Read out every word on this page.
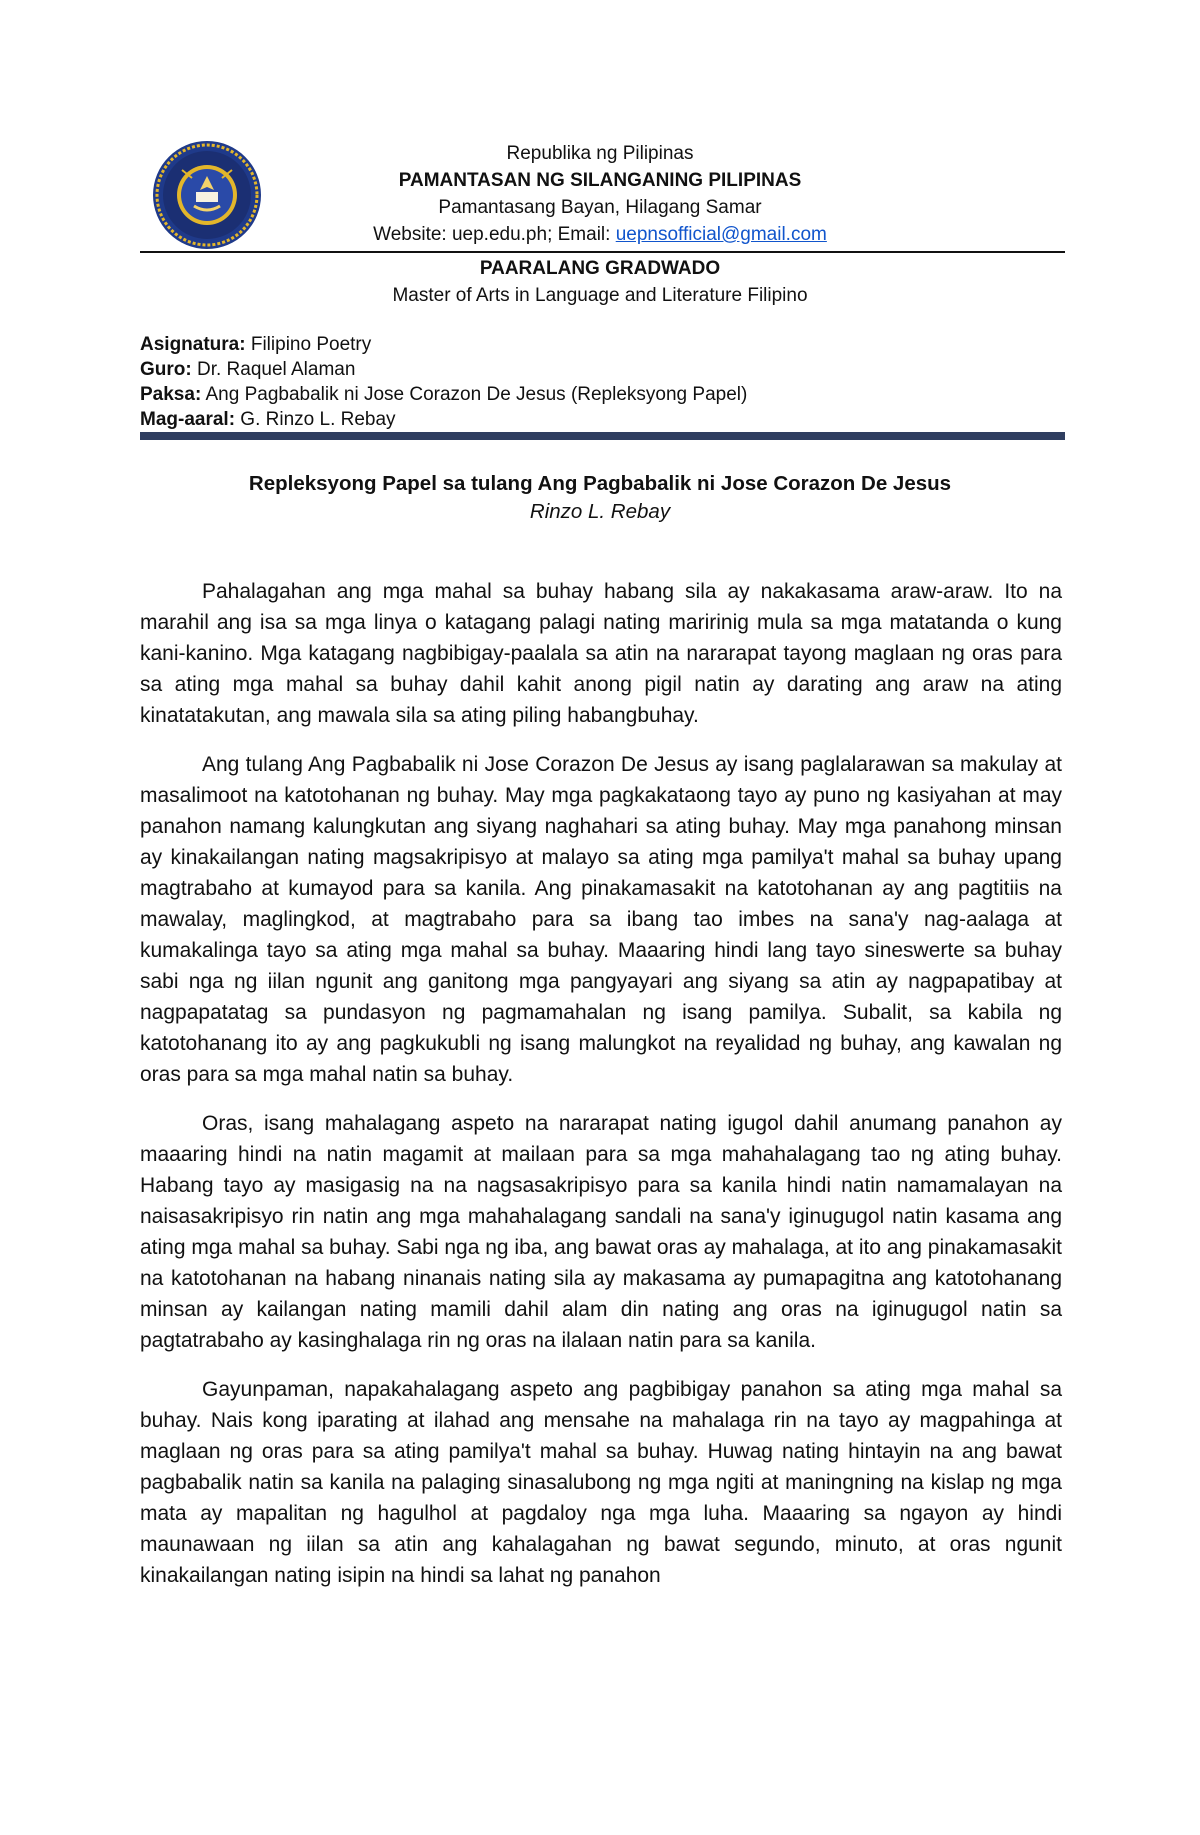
Republika ng Pilipinas

PAMANTASAN NG SILANGANING PILIPINAS

Pamantasang Bayan, Hilagang Samar

Website: uep.edu.ph; Email: uepnsofficial@gmail.com

PAARALANG GRADWADO

Master of Arts in Language and Literature Filipino

Asignatura: Filipino Poetry

Guro: Dr. Raquel Alaman

Paksa: Ang Pagbabalik ni Jose Corazon De Jesus (Repleksyong Papel)

Mag-aaral: G. Rinzo L. Rebay

Repleksyong Papel sa tulang Ang Pagbabalik ni Jose Corazon De Jesus

Rinzo L. Rebay

Pahalagahan ang mga mahal sa buhay habang sila ay nakakasama araw-araw. Ito na marahil ang isa sa mga linya o katagang palagi nating maririnig mula sa mga matatanda o kung kani-kanino. Mga katagang nagbibigay-paalala sa atin na nararapat tayong maglaan ng oras para sa ating mga mahal sa buhay dahil kahit anong pigil natin ay darating ang araw na ating kinatatakutan, ang mawala sila sa ating piling habangbuhay.

Ang tulang Ang Pagbabalik ni Jose Corazon De Jesus ay isang paglalarawan sa makulay at masalimoot na katotohanan ng buhay. May mga pagkakataong tayo ay puno ng kasiyahan at may panahon namang kalungkutan ang siyang naghahari sa ating buhay. May mga panahong minsan ay kinakailangan nating magsakripisyo at malayo sa ating mga pamilya't mahal sa buhay upang magtrabaho at kumayod para sa kanila. Ang pinakamasakit na katotohanan ay ang pagtitiis na mawalay, maglingkod, at magtrabaho para sa ibang tao imbes na sana'y nag-aalaga at kumakalinga tayo sa ating mga mahal sa buhay. Maaaring hindi lang tayo sineswerte sa buhay sabi nga ng iilan ngunit ang ganitong mga pangyayari ang siyang sa atin ay nagpapatibay at nagpapatatag sa pundasyon ng pagmamahalan ng isang pamilya. Subalit, sa kabila ng katotohanang ito ay ang pagkukubli ng isang malungkot na reyalidad ng buhay, ang kawalan ng oras para sa mga mahal natin sa buhay.

Oras, isang mahalagang aspeto na nararapat nating igugol dahil anumang panahon ay maaaring hindi na natin magamit at mailaan para sa mga mahahalagang tao ng ating buhay. Habang tayo ay masigasig na na nagsasakripisyo para sa kanila hindi natin namamalayan na naisasakripisyo rin natin ang mga mahahalagang sandali na sana'y iginugugol natin kasama ang ating mga mahal sa buhay. Sabi nga ng iba, ang bawat oras ay mahalaga, at ito ang pinakamasakit na katotohanan na habang ninanais nating sila ay makasama ay pumapagitna ang katotohanang minsan ay kailangan nating mamili dahil alam din nating ang oras na iginugugol natin sa pagtatrabaho ay kasinghalaga rin ng oras na ilalaan natin para sa kanila.

Gayunpaman, napakahalagang aspeto ang pagbibigay panahon sa ating mga mahal sa buhay. Nais kong iparating at ilahad ang mensahe na mahalaga rin na tayo ay magpahinga at maglaan ng oras para sa ating pamilya't mahal sa buhay. Huwag nating hintayin na ang bawat pagbabalik natin sa kanila na palaging sinasalubong ng mga ngiti at maningning na kislap ng mga mata ay mapalitan ng hagulhol at pagdaloy nga mga luha. Maaaring sa ngayon ay hindi maunawaan ng iilan sa atin ang kahalagahan ng bawat segundo, minuto, at oras ngunit kinakailangan nating isipin na hindi sa lahat ng panahon
